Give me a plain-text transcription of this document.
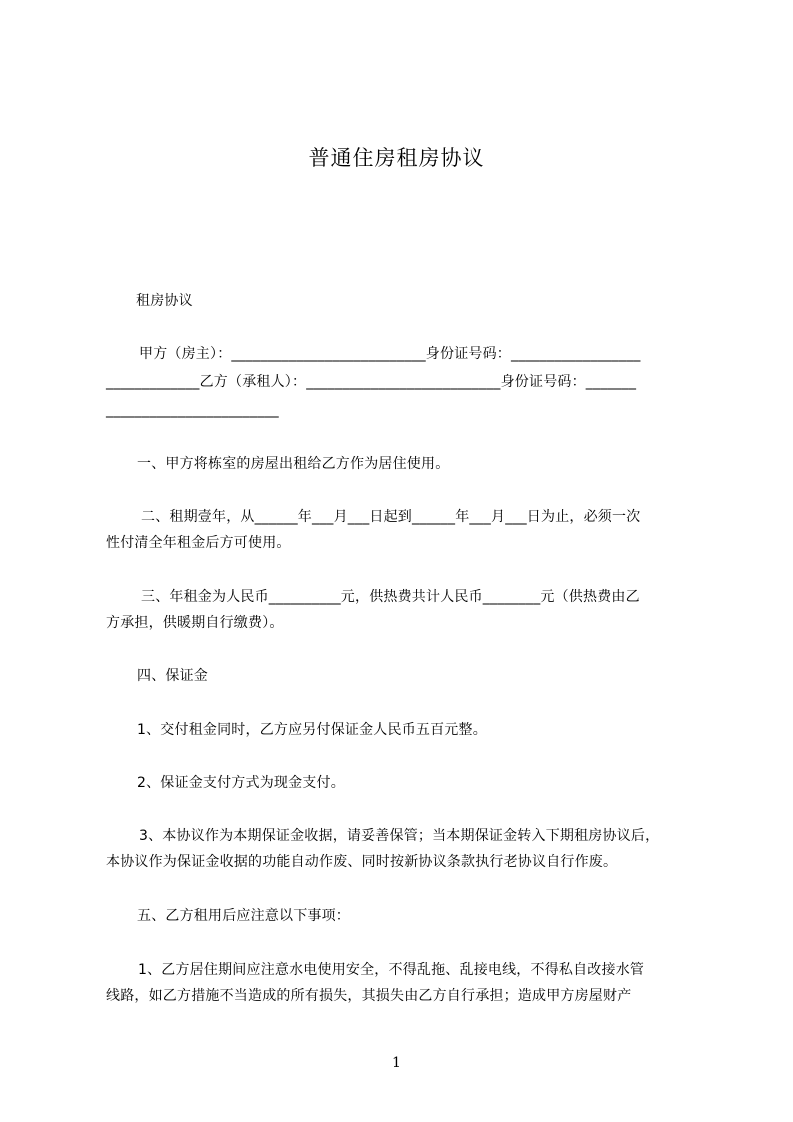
普通住房租房协议
租房协议
甲方（房主）：___________________________身份证号码：__________________
_____________乙方（承租人）：___________________________身份证号码：_______
________________________
一、甲方将栋室的房屋出租给乙方作为居住使用。
二、租期壹年，从______年___月___日起到______年___月___日为止，必须一次
性付清全年租金后方可使用。
三、年租金为人民币__________元，供热费共计人民币________元（供热费由乙
方承担，供暖期自行缴费）。
四、保证金
1、交付租金同时，乙方应另付保证金人民币五百元整。
2、保证金支付方式为现金支付。
3、本协议作为本期保证金收据，请妥善保管；当本期保证金转入下期租房协议后，
本协议作为保证金收据的功能自动作废、同时按新协议条款执行老协议自行作废。
五、乙方租用后应注意以下事项：
1、乙方居住期间应注意水电使用安全，不得乱拖、乱接电线，不得私自改接水管
线路，如乙方措施不当造成的所有损失，其损失由乙方自行承担；造成甲方房屋财产
1
